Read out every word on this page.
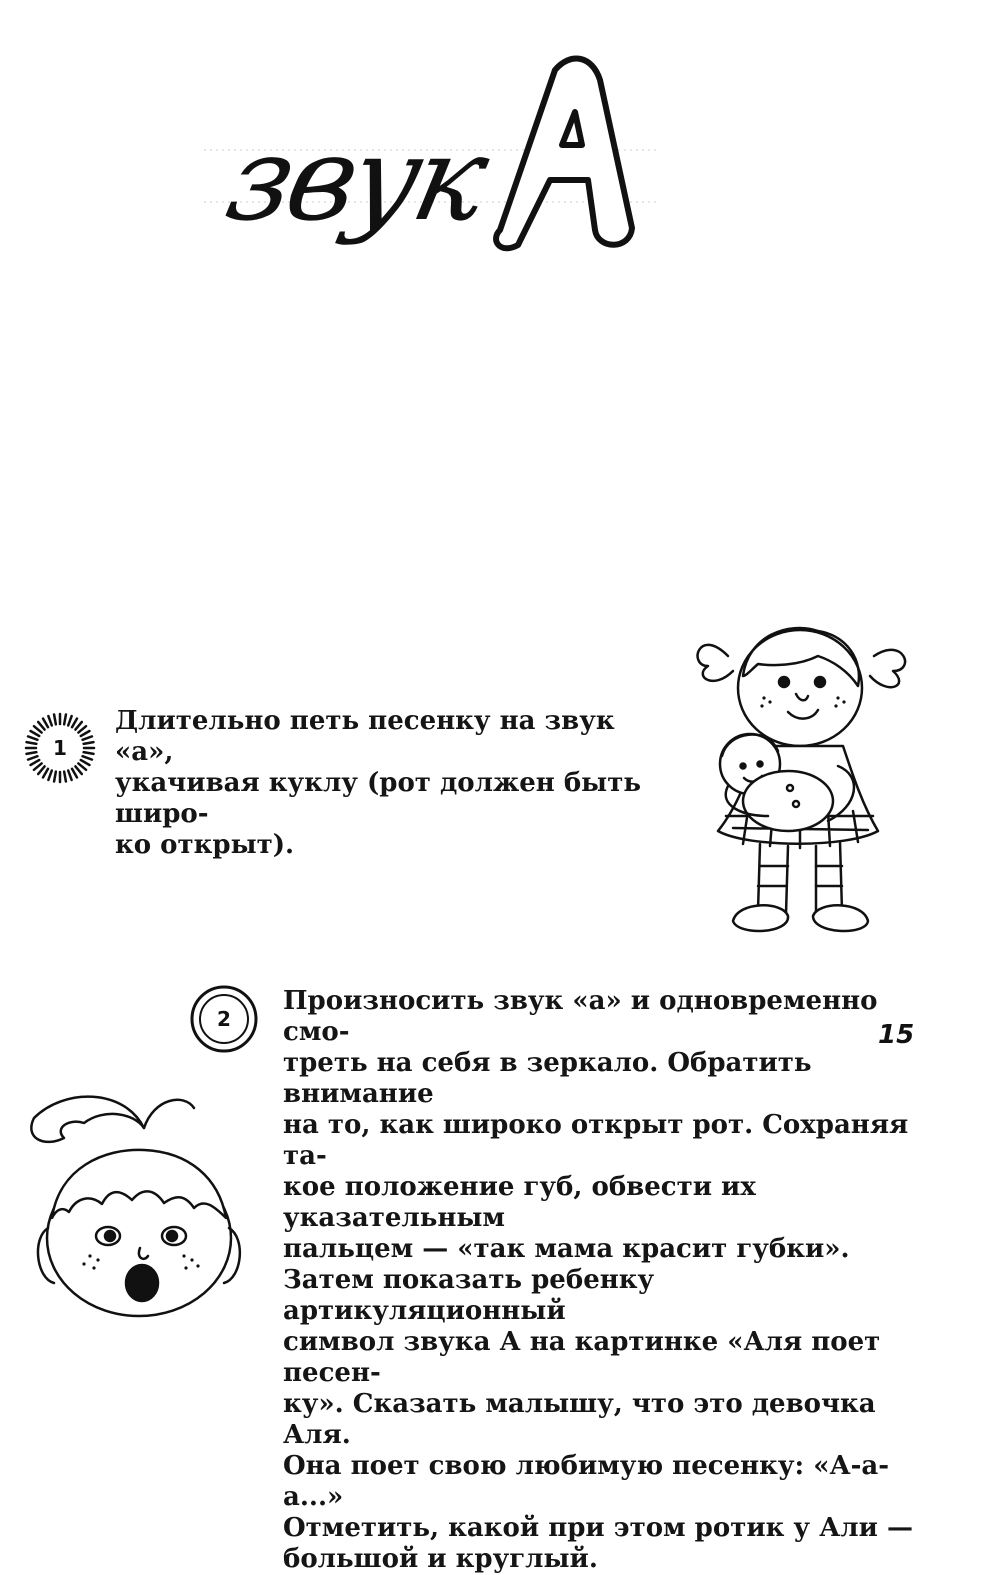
звук
1

Длительно петь песенку на звук «а»,
укачивая куклу (рот должен быть широ-
ко открыт).

2

Произносить звук «а» и одновременно смо-
треть на себя в зеркало. Обратить внимание
на то, как широко открыт рот. Сохраняя та-
кое положение губ, обвести их указательным
пальцем — «так мама красит губки».
Затем показать ребенку артикуляционный
символ звука А на картинке «Аля поет песен-
ку». Сказать малышу, что это девочка Аля.
Она поет свою любимую песенку: «А-а-а...»
Отметить, какой при этом ротик у Али —
большой и круглый.

15
